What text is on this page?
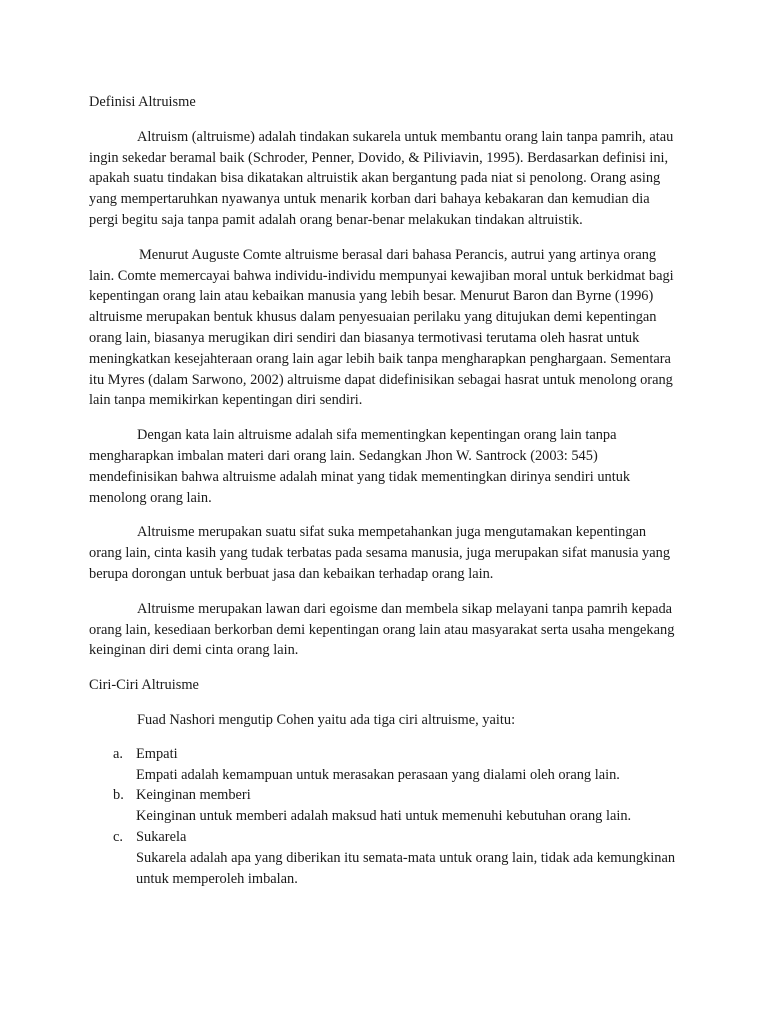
Definisi Altruisme

Altruism (altruisme) adalah tindakan sukarela untuk membantu orang lain tanpa pamrih, atau ingin sekedar beramal baik (Schroder, Penner, Dovido, & Piliviavin, 1995). Berdasarkan definisi ini, apakah suatu tindakan bisa dikatakan altruistik akan bergantung pada niat si penolong. Orang asing yang mempertaruhkan nyawanya untuk menarik korban dari bahaya kebakaran dan kemudian dia pergi begitu saja tanpa pamit adalah orang benar-benar melakukan tindakan altruistik.

Menurut Auguste Comte altruisme berasal dari bahasa Perancis, autrui yang artinya orang lain. Comte memercayai bahwa individu-individu mempunyai kewajiban moral untuk berkidmat bagi kepentingan orang lain atau kebaikan manusia yang lebih besar. Menurut Baron dan Byrne (1996) altruisme merupakan bentuk khusus dalam penyesuaian perilaku yang ditujukan demi kepentingan orang lain, biasanya merugikan diri sendiri dan biasanya termotivasi terutama oleh hasrat untuk meningkatkan kesejahteraan orang lain agar lebih baik tanpa mengharapkan penghargaan. Sementara itu Myres (dalam Sarwono, 2002) altruisme dapat didefinisikan sebagai hasrat untuk menolong orang lain tanpa memikirkan kepentingan diri sendiri.

Dengan kata lain altruisme adalah sifa mementingkan kepentingan orang lain tanpa mengharapkan imbalan materi dari orang lain. Sedangkan Jhon W. Santrock (2003: 545) mendefinisikan bahwa altruisme adalah minat yang tidak mementingkan dirinya sendiri untuk menolong orang lain.

Altruisme merupakan suatu sifat suka mempetahankan juga mengutamakan kepentingan orang lain, cinta kasih yang tudak terbatas pada sesama manusia, juga merupakan sifat manusia yang berupa dorongan untuk berbuat jasa dan kebaikan terhadap orang lain.

Altruisme merupakan lawan dari egoisme dan membela sikap melayani tanpa pamrih kepada orang lain, kesediaan berkorban demi kepentingan orang lain atau masyarakat serta usaha mengekang keinginan diri demi cinta orang lain.

Ciri-Ciri Altruisme

Fuad Nashori mengutip Cohen yaitu ada tiga ciri altruisme, yaitu:

a. Empati
Empati adalah kemampuan untuk merasakan perasaan yang dialami oleh orang lain.
b. Keinginan memberi
Keinginan untuk memberi adalah maksud hati untuk memenuhi kebutuhan orang lain.
c. Sukarela
Sukarela adalah apa yang diberikan itu semata-mata untuk orang lain, tidak ada kemungkinan untuk memperoleh imbalan.
